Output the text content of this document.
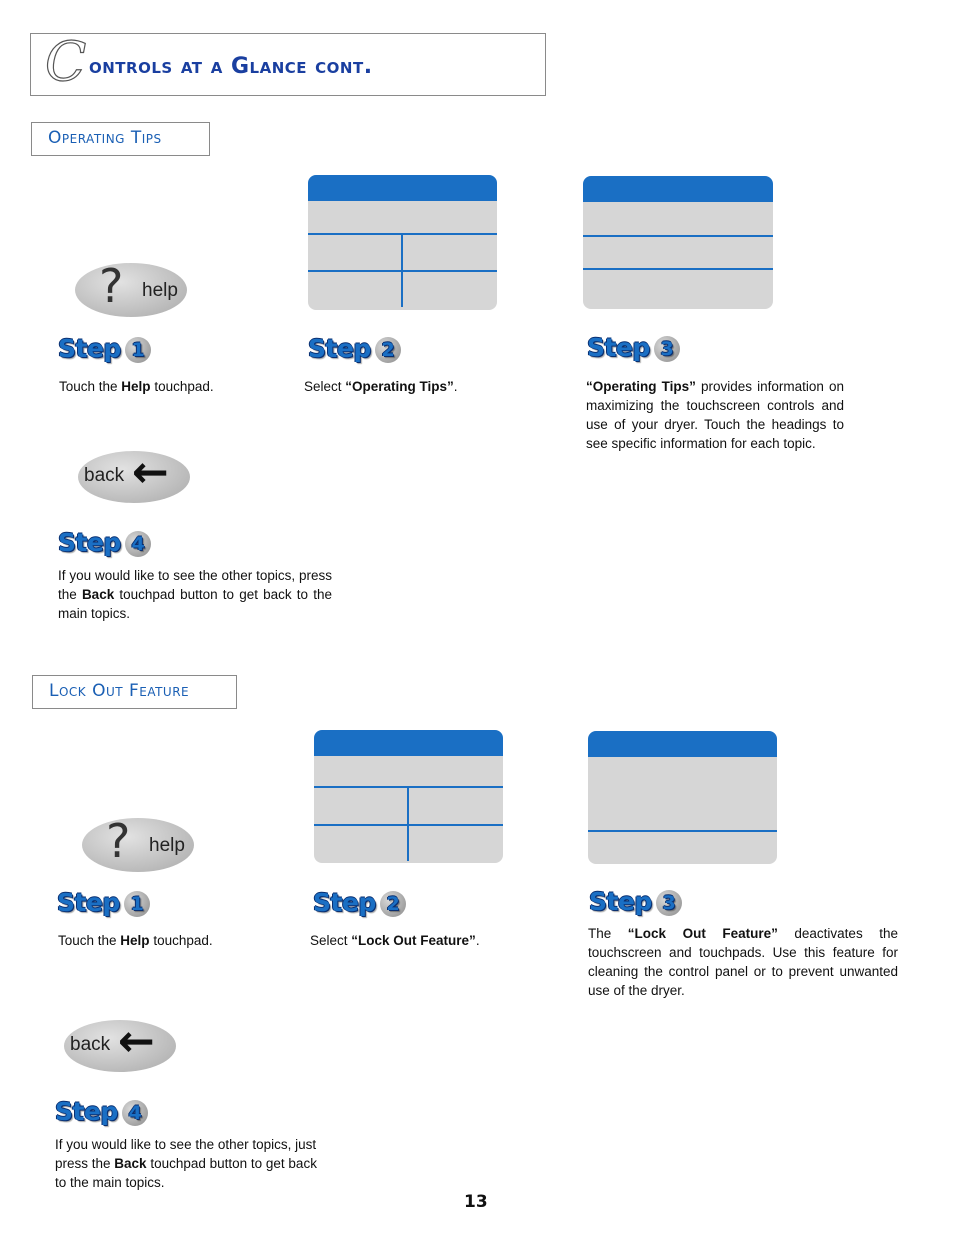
C ontrols at a Glance cont.
Operating Tips
? help
Step 1
Touch the Help touchpad.
Step 2
Select “Operating Tips”.
Step 3
“Operating Tips” provides information on maximizing the touchscreen controls and use of your dryer. Touch the headings to see specific information for each topic.
back ←
Step 4
If you would like to see the other topics, press the Back touchpad button to get back to the main topics.
Lock Out Feature
? help
Step 1
Touch the Help touchpad.
Step 2
Select “Lock Out Feature”.
Step 3
The “Lock Out Feature” deactivates the touchscreen and touchpads. Use this feature for cleaning the control panel or to prevent unwanted use of the dryer.
back ←
Step 4
If you would like to see the other topics, just press the Back touchpad button to get back to the main topics.
13
